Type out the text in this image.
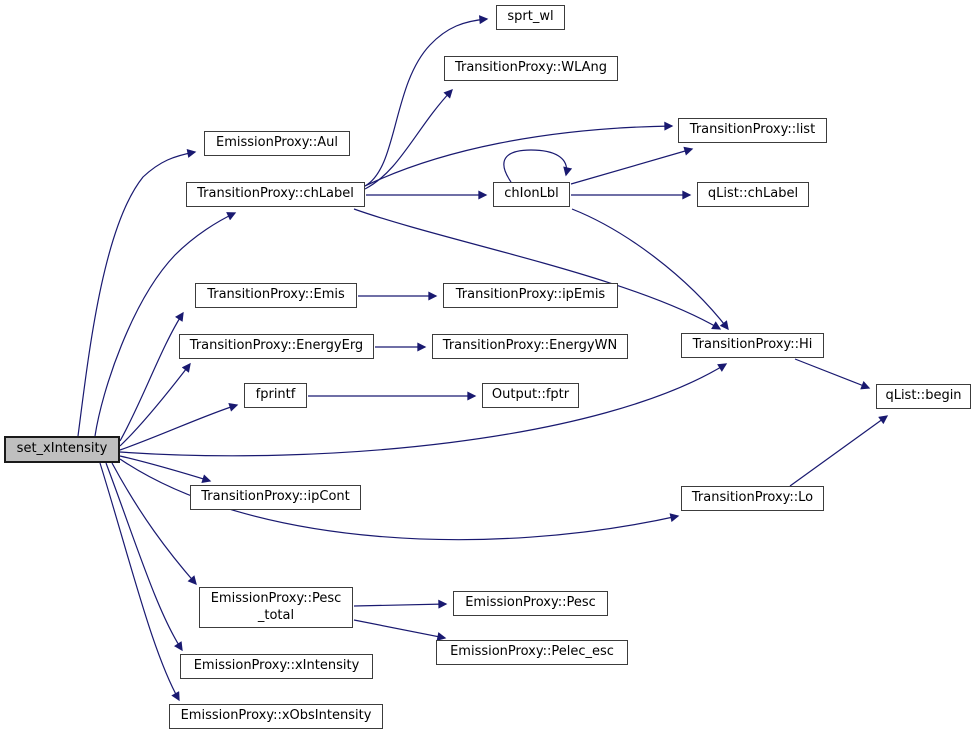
set_xIntensity
EmissionProxy::Aul
TransitionProxy::chLabel
sprt_wl
TransitionProxy::WLAng
TransitionProxy::list
chIonLbl	qList::chLabel
TransitionProxy::Emis	TransitionProxy::ipEmis
TransitionProxy::EnergyErg	TransitionProxy::EnergyWN
fprintf	Output::fptr
TransitionProxy::Hi
qList::begin
TransitionProxy::ipCont	TransitionProxy::Lo
EmissionProxy::Pesc
_total
EmissionProxy::Pesc
EmissionProxy::Pelec_esc
EmissionProxy::xIntensity
EmissionProxy::xObsIntensity
